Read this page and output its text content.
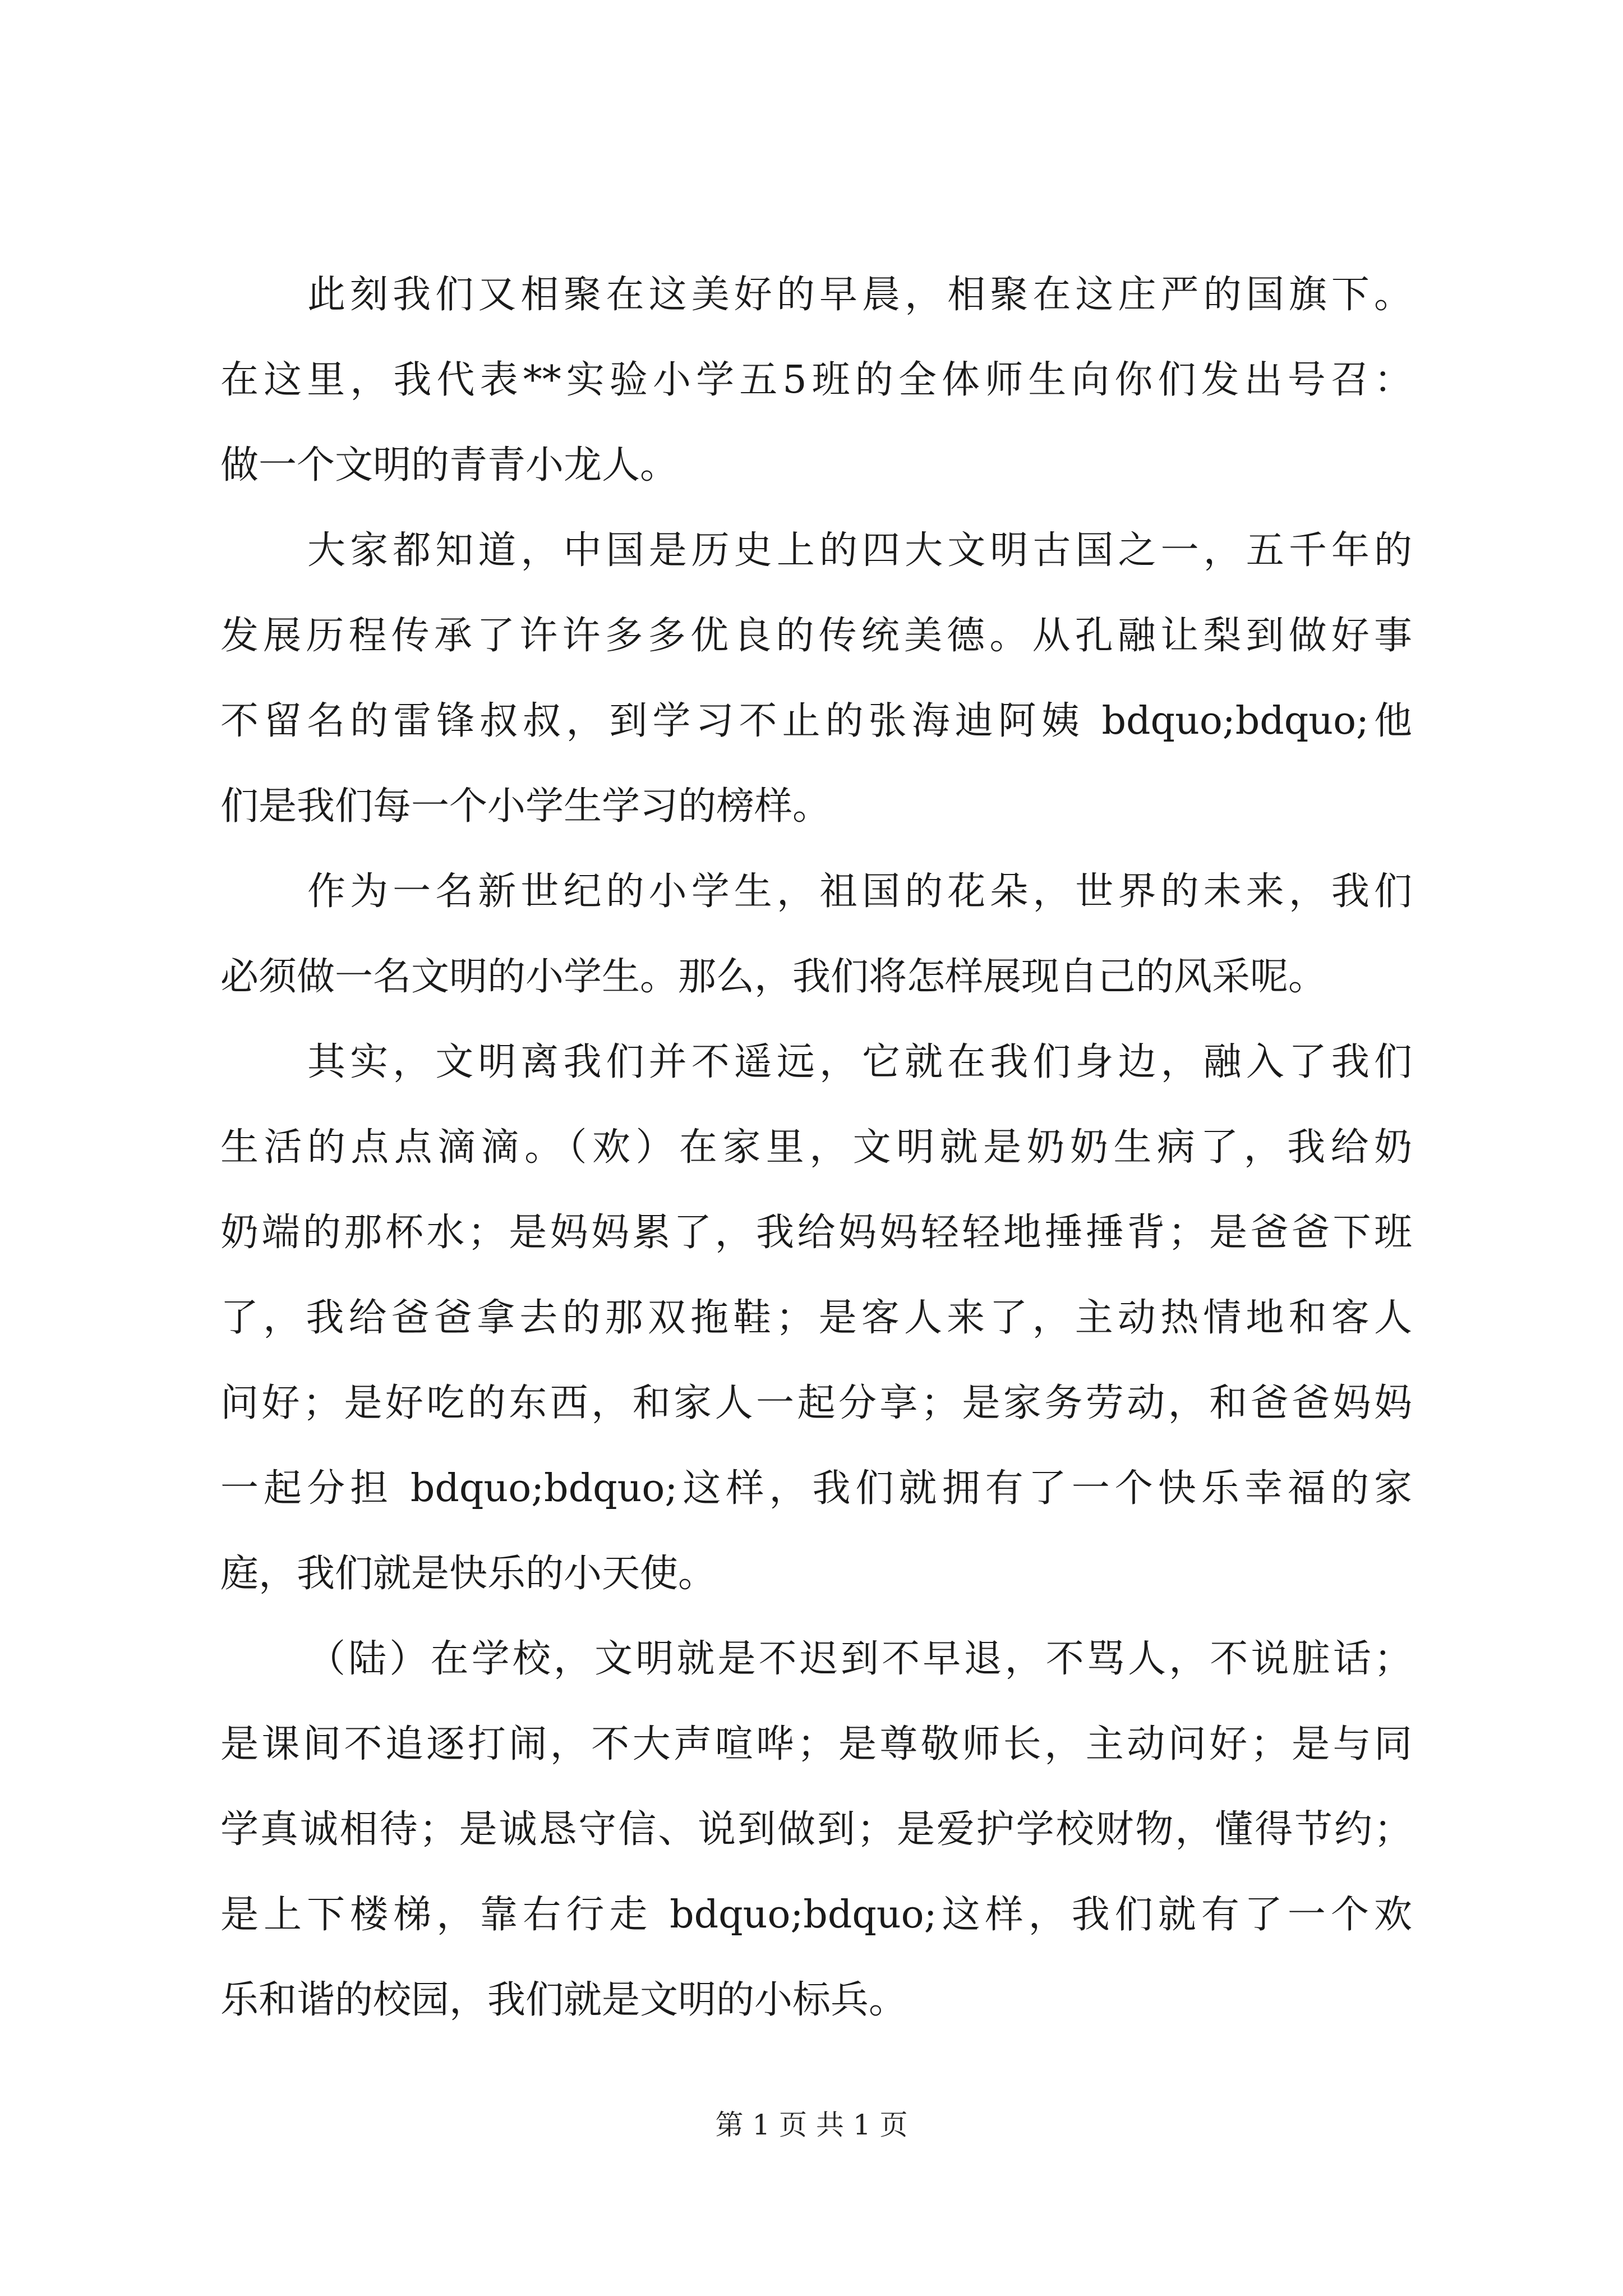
此刻我们又相聚在这美好的早晨，相聚在这庄严的国旗下。
在这里，我代表**实验小学五5班的全体师生向你们发出号召：
做一个文明的青青小龙人。
大家都知道，中国是历史上的四大文明古国之一，五千年的
发展历程传承了许许多多优良的传统美德。从孔融让梨到做好事
不留名的雷锋叔叔，到学习不止的张海迪阿姨 bdquo;bdquo;他
们是我们每一个小学生学习的榜样。
作为一名新世纪的小学生，祖国的花朵，世界的未来，我们
必须做一名文明的小学生。那么，我们将怎样展现自己的风采呢。
其实，文明离我们并不遥远，它就在我们身边，融入了我们
生活的点点滴滴。（欢）在家里，文明就是奶奶生病了，我给奶
奶端的那杯水；是妈妈累了，我给妈妈轻轻地捶捶背；是爸爸下班
了，我给爸爸拿去的那双拖鞋；是客人来了，主动热情地和客人
问好；是好吃的东西，和家人一起分享；是家务劳动，和爸爸妈妈
一起分担 bdquo;bdquo;这样，我们就拥有了一个快乐幸福的家
庭，我们就是快乐的小天使。
（陆）在学校，文明就是不迟到不早退，不骂人，不说脏话；
是课间不追逐打闹，不大声喧哗；是尊敬师长，主动问好；是与同
学真诚相待；是诚恳守信、说到做到；是爱护学校财物，懂得节约；
是上下楼梯，靠右行走 bdquo;bdquo;这样，我们就有了一个欢
乐和谐的校园，我们就是文明的小标兵。
第 1 页 共 1 页
